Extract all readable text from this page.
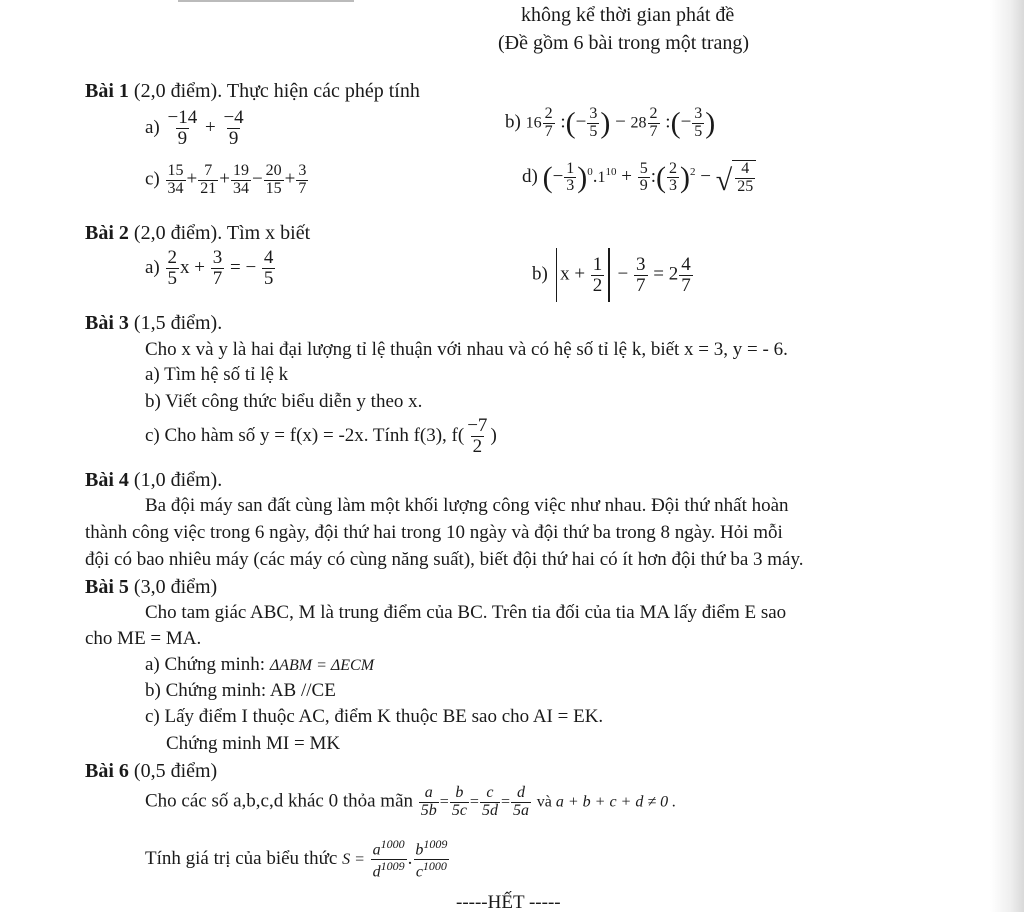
không kể thời gian phát đề
(Đề gồm 6 bài trong một trang)
Bài 1 (2,0 điểm). Thực hiện các phép tính
$a) \frac{-14}{9} + \frac{-4}{9}$	b) $16 \frac{2}{7}$ :(− $\frac{3}{5}$ ) − $28 \frac{2}{7}$ :(− $\frac{3}{5}$ )
$c) \frac{15}{34} + \frac{7}{21} + \frac{19}{34} - \frac{20}{15} + \frac{3}{7}$	d) (− $\frac{1}{3} )^0.1^{10} + \frac{5}{9}$ :( $\frac{2}{3} )^2$ − √ $\frac{4}{25}$
Bài 2 (2,0 điểm). Tìm x biết
$a) \frac{2}{5}$ $x + \frac{3}{7}$ = − $\frac{4}{5}$	b) $x + \frac{1}{2} - \frac{3}{7} = 2 \frac{4}{7}$
Bài 3 (1,5 điểm).
Cho x và y là hai đại lượng tỉ lệ thuận với nhau và có hệ số tỉ lệ k, biết x = 3, y = - 6.
a) Tìm hệ số tỉ lệ k
b) Viết công thức biểu diễn y theo x.
c) Cho hàm số y = f(x) = -2x. Tính f(3), $f( \frac{-7}{2}$ )
Bài 4 (1,0 điểm).
Ba đội máy san đất cùng làm một khối lượng công việc như nhau. Đội thứ nhất hoàn
thành công việc trong 6 ngày, đội thứ hai trong 10 ngày và đội thứ ba trong 8 ngày. Hỏi mỗi
đội có bao nhiêu máy (các máy có cùng năng suất), biết đội thứ hai có ít hơn đội thứ ba 3 máy.
Bài 5 (3,0 điểm)
Cho tam giác ABC, M là trung điểm của BC. Trên tia đối của tia MA lấy điểm E sao
cho ME = MA.
a) Chứng minh: ΔABM = ΔECM
b) Chứng minh: AB //CE
c) Lấy điểm I thuộc AC, điểm K thuộc BE sao cho AI = EK.
Chứng minh MI = MK
Bài 6 (0,5 điểm)
Cho các số a,b,c,d khác 0 thỏa mãn $\frac{a}{5b} = \frac{b}{5c} = \frac{c}{5d} = \frac{d}{5a}$ và a + b + c + d ≠ 0 .
Tính giá trị của biểu thức $S = \frac{a^{1000}}{d^{1009}}$ . $\frac{b^{1009}}{c^{1000}}$
-----HẾT -----
